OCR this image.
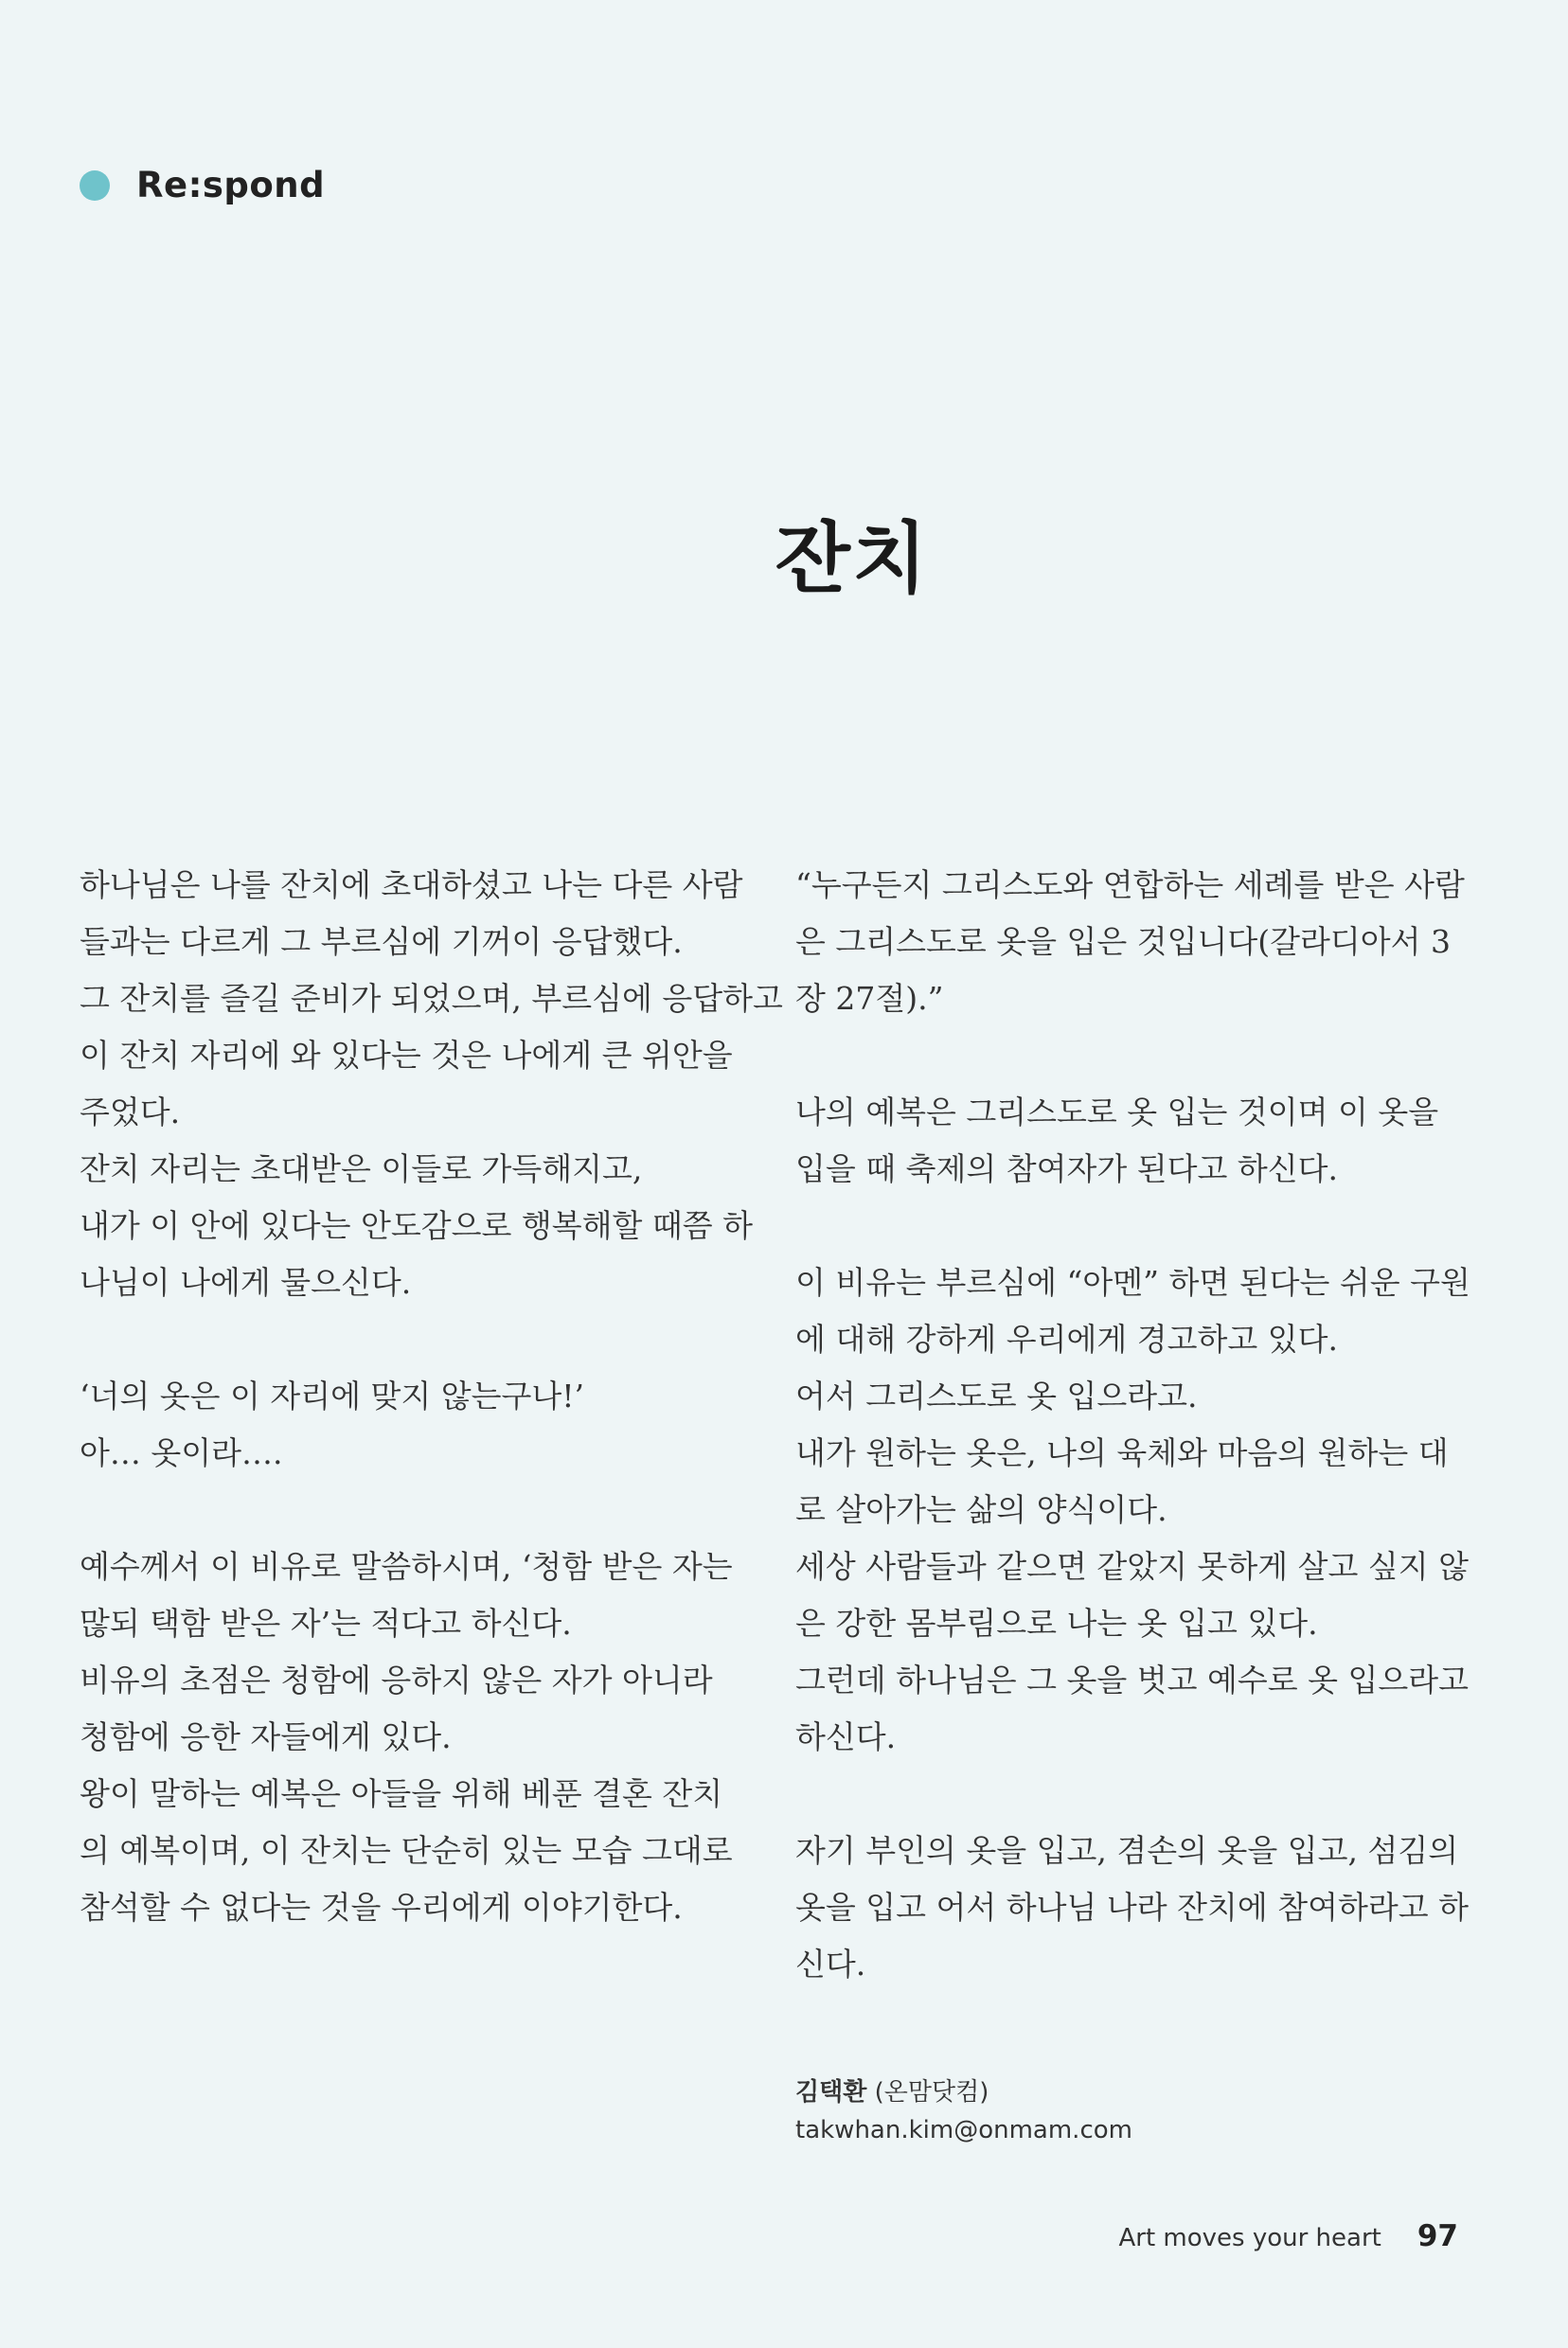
Re:spond
잔치

하나님은 나를 잔치에 초대하셨고 나는 다른 사람
들과는 다르게 그 부르심에 기꺼이 응답했다.
그 잔치를 즐길 준비가 되었으며, 부르심에 응답하고
이 잔치 자리에 와 있다는 것은 나에게 큰 위안을
주었다.
잔치 자리는 초대받은 이들로 가득해지고,
내가 이 안에 있다는 안도감으로 행복해할 때쯤 하
나님이 나에게 물으신다.

‘너의 옷은 이 자리에 맞지 않는구나!’
아… 옷이라….

예수께서 이 비유로 말씀하시며, ‘청함 받은 자는
많되 택함 받은 자’는 적다고 하신다.
비유의 초점은 청함에 응하지 않은 자가 아니라
청함에 응한 자들에게 있다.
왕이 말하는 예복은 아들을 위해 베푼 결혼 잔치
의 예복이며, 이 잔치는 단순히 있는 모습 그대로
참석할 수 없다는 것을 우리에게 이야기한다.

“누구든지 그리스도와 연합하는 세례를 받은 사람
은 그리스도로 옷을 입은 것입니다(갈라디아서 3
장 27절).”

나의 예복은 그리스도로 옷 입는 것이며 이 옷을
입을 때 축제의 참여자가 된다고 하신다.

이 비유는 부르심에 “아멘” 하면 된다는 쉬운 구원
에 대해 강하게 우리에게 경고하고 있다.
어서 그리스도로 옷 입으라고.
내가 원하는 옷은, 나의 육체와 마음의 원하는 대
로 살아가는 삶의 양식이다.
세상 사람들과 같으면 같았지 못하게 살고 싶지 않
은 강한 몸부림으로 나는 옷 입고 있다.
그런데 하나님은 그 옷을 벗고 예수로 옷 입으라고
하신다.

자기 부인의 옷을 입고, 겸손의 옷을 입고, 섬김의
옷을 입고 어서 하나님 나라 잔치에 참여하라고 하
신다.

김택환 (온맘닷컴)
takwhan.kim@onmam.com
Art moves your heart 97
